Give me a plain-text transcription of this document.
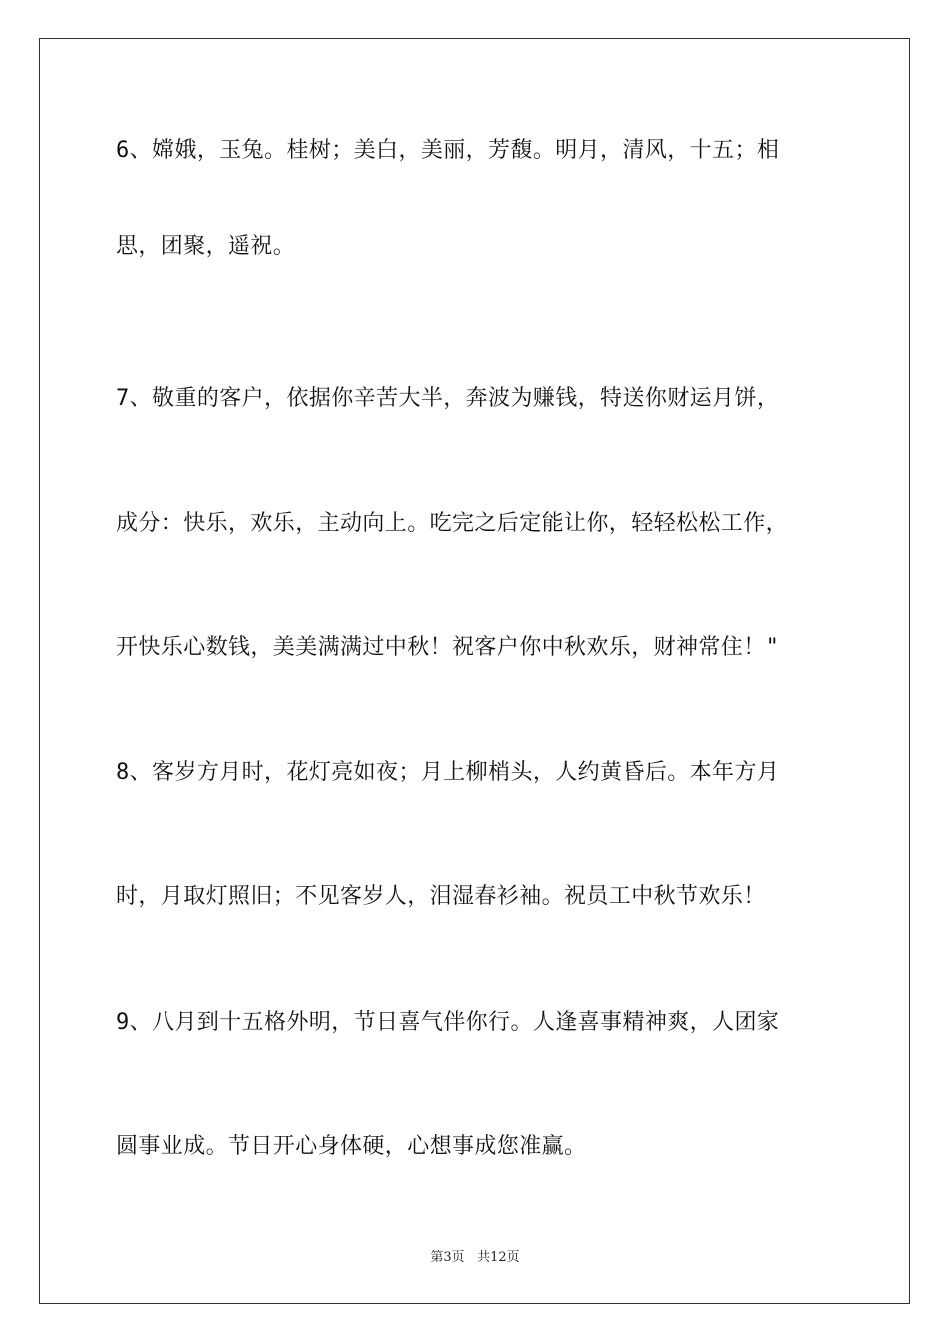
6、嫦娥，玉兔。桂树；美白，美丽，芳馥。明月，清风，十五；相
思，团聚，遥祝。
7、敬重的客户，依据你辛苦大半，奔波为赚钱，特送你财运月饼，
成分：快乐，欢乐，主动向上。吃完之后定能让你，轻轻松松工作，
开快乐心数钱，美美满满过中秋！祝客户你中秋欢乐，财神常住！"
8、客岁方月时，花灯亮如夜；月上柳梢头，人约黄昏后。本年方月
时，月取灯照旧；不见客岁人，泪湿春衫袖。祝员工中秋节欢乐！
9、八月到十五格外明，节日喜气伴你行。人逢喜事精神爽，人团家
圆事业成。节日开心身体硬，心想事成您准赢。
第3页 共12页
